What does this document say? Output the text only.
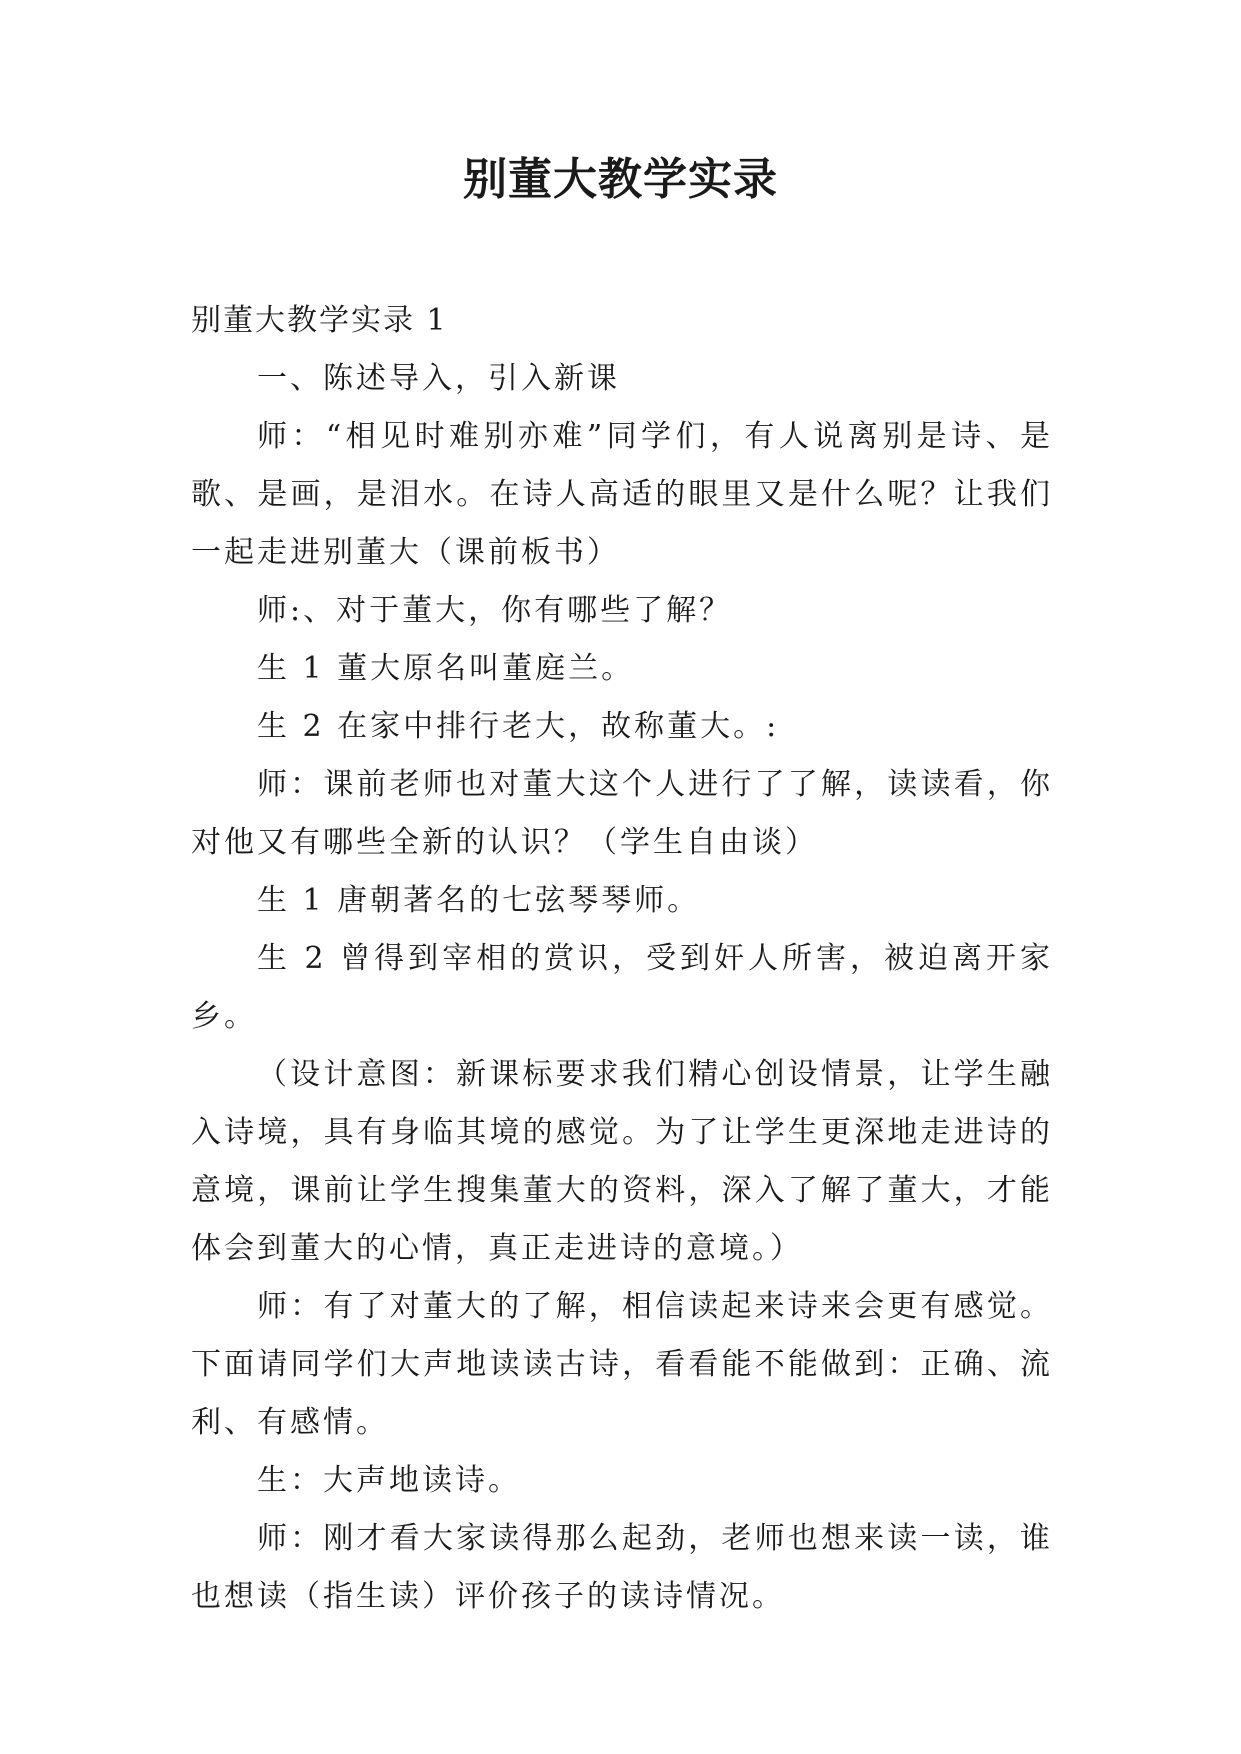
别董大教学实录

别董大教学实录 1

一、陈述导入，引入新课

师：“相见时难别亦难”同学们，有人说离别是诗、是歌、是画，是泪水。在诗人高适的眼里又是什么呢？让我们一起走进别董大（课前板书）

师:、对于董大，你有哪些了解？

生 1 董大原名叫董庭兰。

生 2 在家中排行老大，故称董大。:

师：课前老师也对董大这个人进行了了解，读读看，你对他又有哪些全新的认识？（学生自由谈）

生 1 唐朝著名的七弦琴琴师。

生 2 曾得到宰相的赏识，受到奸人所害，被迫离开家乡。

（设计意图：新课标要求我们精心创设情景，让学生融入诗境，具有身临其境的感觉。为了让学生更深地走进诗的意境，课前让学生搜集董大的资料，深入了解了董大，才能体会到董大的心情，真正走进诗的意境。）

师：有了对董大的了解，相信读起来诗来会更有感觉。下面请同学们大声地读读古诗，看看能不能做到：正确、流利、有感情。

生：大声地读诗。

师：刚才看大家读得那么起劲，老师也想来读一读，谁也想读（指生读）评价孩子的读诗情况。
